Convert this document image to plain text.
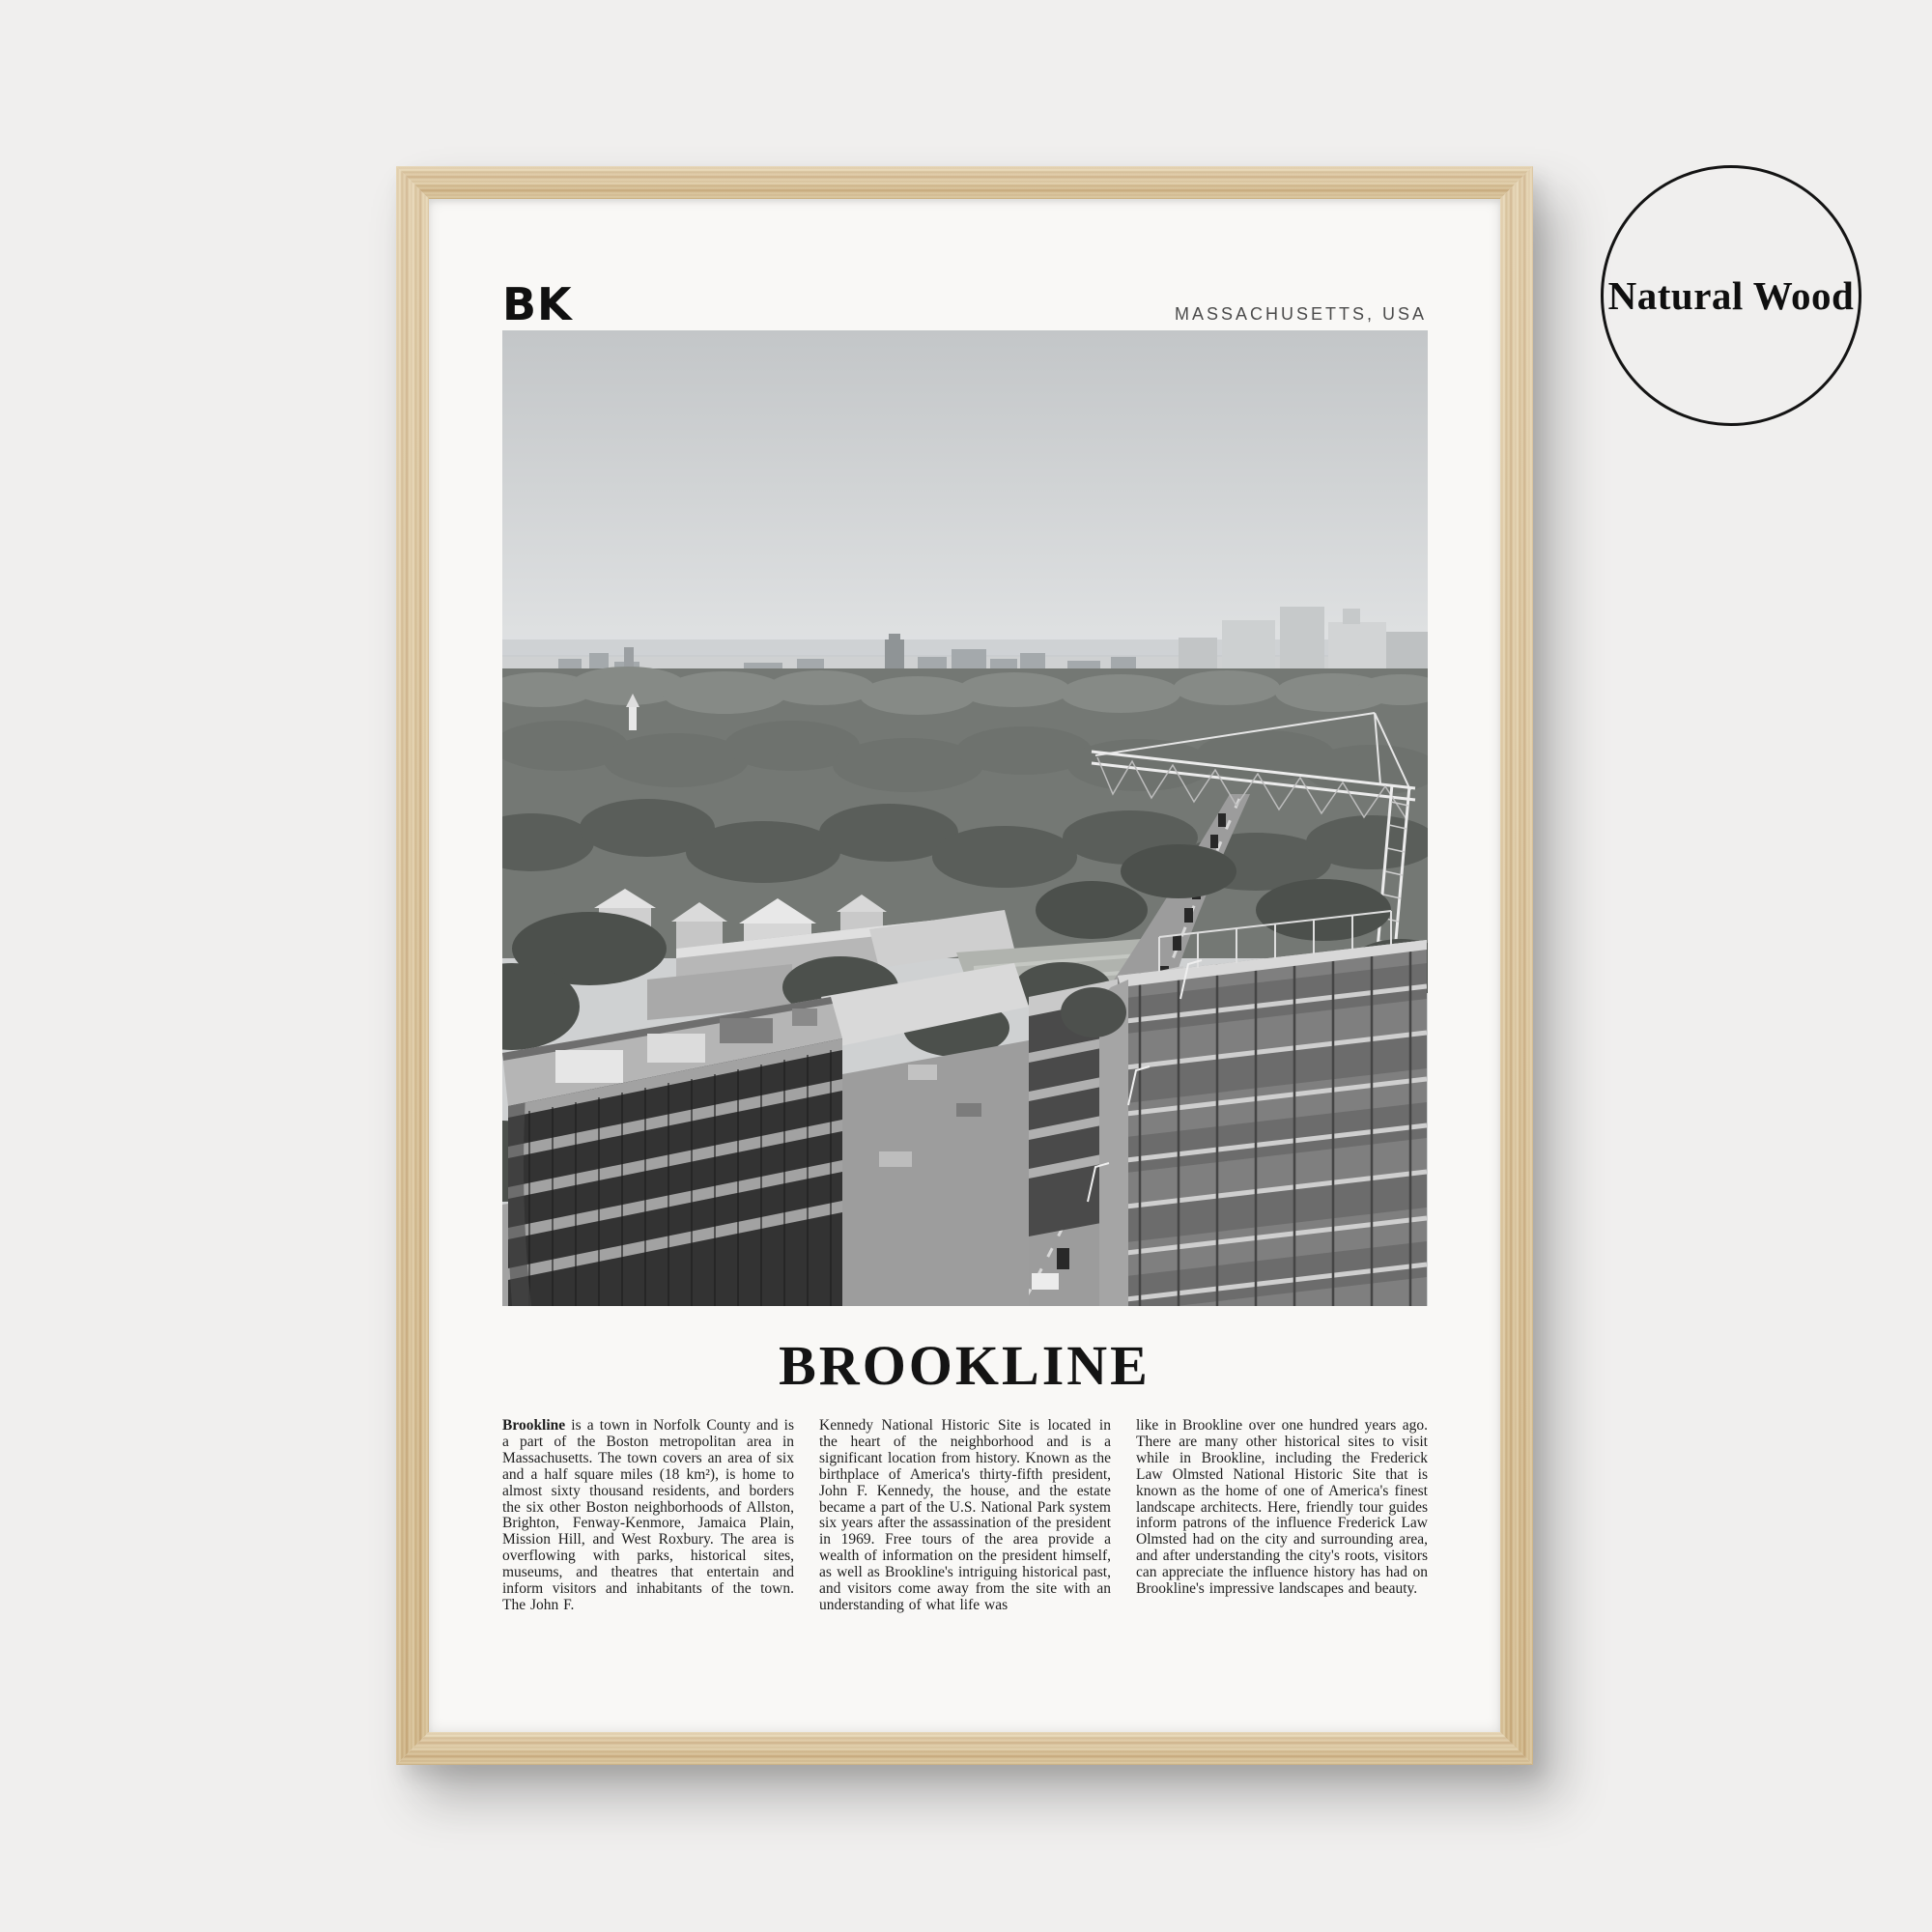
BK	MASSACHUSETTS, USA
BROOKLINE

Brookline is a town in Norfolk County and is a part of the Boston metropolitan area in Massachusetts. The town covers an area of six and a half square miles (18 km²), is home to almost sixty thousand residents, and borders the six other Boston neighborhoods of Allston, Brighton, Fenway-Kenmore, Jamaica Plain, Mission Hill, and West Roxbury. The area is overflowing with parks, historical sites, museums, and theatres that entertain and inform visitors and inhabitants of the town. The John F.

Kennedy National Historic Site is located in the heart of the neighborhood and is a significant location from history. Known as the birthplace of America's thirty-fifth president, John F. Kennedy, the house, and the estate became a part of the U.S. National Park system six years after the assassination of the president in 1969. Free tours of the area provide a wealth of information on the president himself, as well as Brookline's intriguing historical past, and visitors come away from the site with an understanding of what life was

like in Brookline over one hundred years ago. There are many other historical sites to visit while in Brookline, including the Frederick Law Olmsted National Historic Site that is known as the home of one of America's finest landscape architects. Here, friendly tour guides inform patrons of the influence Frederick Law Olmsted had on the city and surrounding area, and after understanding the city's roots, visitors can appreciate the influence history has had on Brookline's impressive landscapes and beauty.

Natural Wood
